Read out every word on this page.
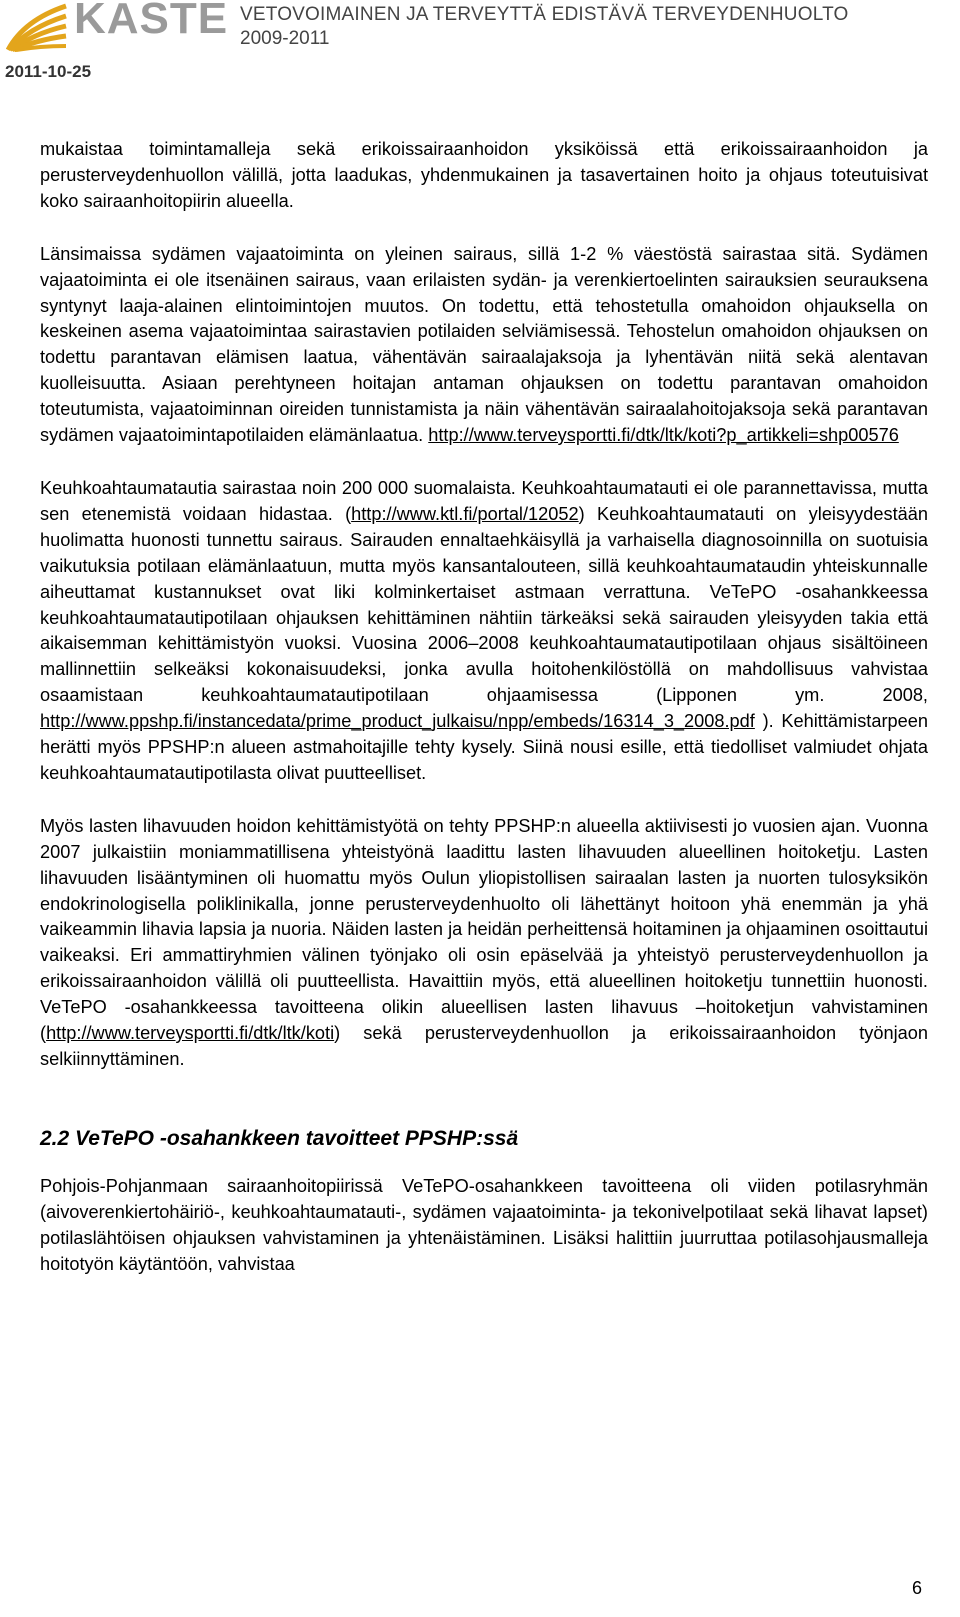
KASTE VETOVOIMAINEN JA TERVEYTTÄ EDISTÄVÄ TERVEYDENHUOLTO
2009-2011
2011-10-25

mukaistaa toimintamalleja sekä erikoissairaanhoidon yksiköissä että erikoissairaanhoidon ja perusterveydenhuollon välillä, jotta laadukas, yhdenmukainen ja tasavertainen hoito ja ohjaus toteutuisivat koko sairaanhoitopiirin alueella.

Länsimaissa sydämen vajaatoiminta on yleinen sairaus, sillä 1-2 % väestöstä sairastaa sitä. Sydämen vajaatoiminta ei ole itsenäinen sairaus, vaan erilaisten sydän- ja verenkiertoelinten sairauksien seurauksena syntynyt laaja-alainen elintoimintojen muutos. On todettu, että tehostetulla omahoidon ohjauksella on keskeinen asema vajaatoimintaa sairastavien potilaiden selviämisessä. Tehostelun omahoidon ohjauksen on todettu parantavan elämisen laatua, vähentävän sairaalajaksoja ja lyhentävän niitä sekä alentavan kuolleisuutta. Asiaan perehtyneen hoitajan antaman ohjauksen on todettu parantavan omahoidon toteutumista, vajaatoiminnan oireiden tunnistamista ja näin vähentävän sairaalahoitojaksoja sekä parantavan sydämen vajaatoimintapotilaiden elämänlaatua. http://www.terveysportti.fi/dtk/ltk/koti?p_artikkeli=shp00576

Keuhkoahtaumatautia sairastaa noin 200 000 suomalaista. Keuhkoahtaumatauti ei ole parannettavissa, mutta sen etenemistä voidaan hidastaa. (http://www.ktl.fi/portal/12052) Keuhkoahtaumatauti on yleisyydestään huolimatta huonosti tunnettu sairaus. Sairauden ennaltaehkäisyllä ja varhaisella diagnosoinnilla on suotuisia vaikutuksia potilaan elämänlaatuun, mutta myös kansantalouteen, sillä keuhkoahtaumataudin yhteiskunnalle aiheuttamat kustannukset ovat liki kolminkertaiset astmaan verrattuna. VeTePO -osahankkeessa keuhkoahtaumatautipotilaan ohjauksen kehittäminen nähtiin tärkeäksi sekä sairauden yleisyyden takia että aikaisemman kehittämistyön vuoksi. Vuosina 2006–2008 keuhkoahtaumatautipotilaan ohjaus sisältöineen mallinnettiin selkeäksi kokonaisuudeksi, jonka avulla hoitohenkilöstöllä on mahdollisuus vahvistaa osaamistaan keuhkoahtaumatautipotilaan ohjaamisessa (Lipponen ym. 2008, http://www.ppshp.fi/instancedata/prime_product_julkaisu/npp/embeds/16314_3_2008.pdf ). Kehittämistarpeen herätti myös PPSHP:n alueen astmahoitajille tehty kysely. Siinä nousi esille, että tiedolliset valmiudet ohjata keuhkoahtaumatautipotilasta olivat puutteelliset.

Myös lasten lihavuuden hoidon kehittämistyötä on tehty PPSHP:n alueella aktiivisesti jo vuosien ajan. Vuonna 2007 julkaistiin moniammatillisena yhteistyönä laadittu lasten lihavuuden alueellinen hoitoketju. Lasten lihavuuden lisääntyminen oli huomattu myös Oulun yliopistollisen sairaalan lasten ja nuorten tulosyksikön endokrinologisella poliklinikalla, jonne perusterveydenhuolto oli lähettänyt hoitoon yhä enemmän ja yhä vaikeammin lihavia lapsia ja nuoria. Näiden lasten ja heidän perheittensä hoitaminen ja ohjaaminen osoittautui vaikeaksi. Eri ammattiryhmien välinen työnjako oli osin epäselvää ja yhteistyö perusterveydenhuollon ja erikoissairaanhoidon välillä oli puutteellista. Havaittiin myös, että alueellinen hoitoketju tunnettiin huonosti. VeTePO -osahankkeessa tavoitteena olikin alueellisen lasten lihavuus –hoitoketjun vahvistaminen (http://www.terveysportti.fi/dtk/ltk/koti) sekä perusterveydenhuollon ja erikoissairaanhoidon työnjaon selkiinnyttäminen.

2.2 VeTePO -osahankkeen tavoitteet PPSHP:ssä

Pohjois-Pohjanmaan sairaanhoitopiirissä VeTePO-osahankkeen tavoitteena oli viiden potilasryhmän (aivoverenkiertohäiriö-, keuhkoahtaumatauti-, sydämen vajaatoiminta- ja tekonivelpotilaat sekä lihavat lapset) potilaslähtöisen ohjauksen vahvistaminen ja yhtenäistäminen. Lisäksi halittiin juurruttaa potilasohjausmalleja hoitotyön käytäntöön, vahvistaa

6
